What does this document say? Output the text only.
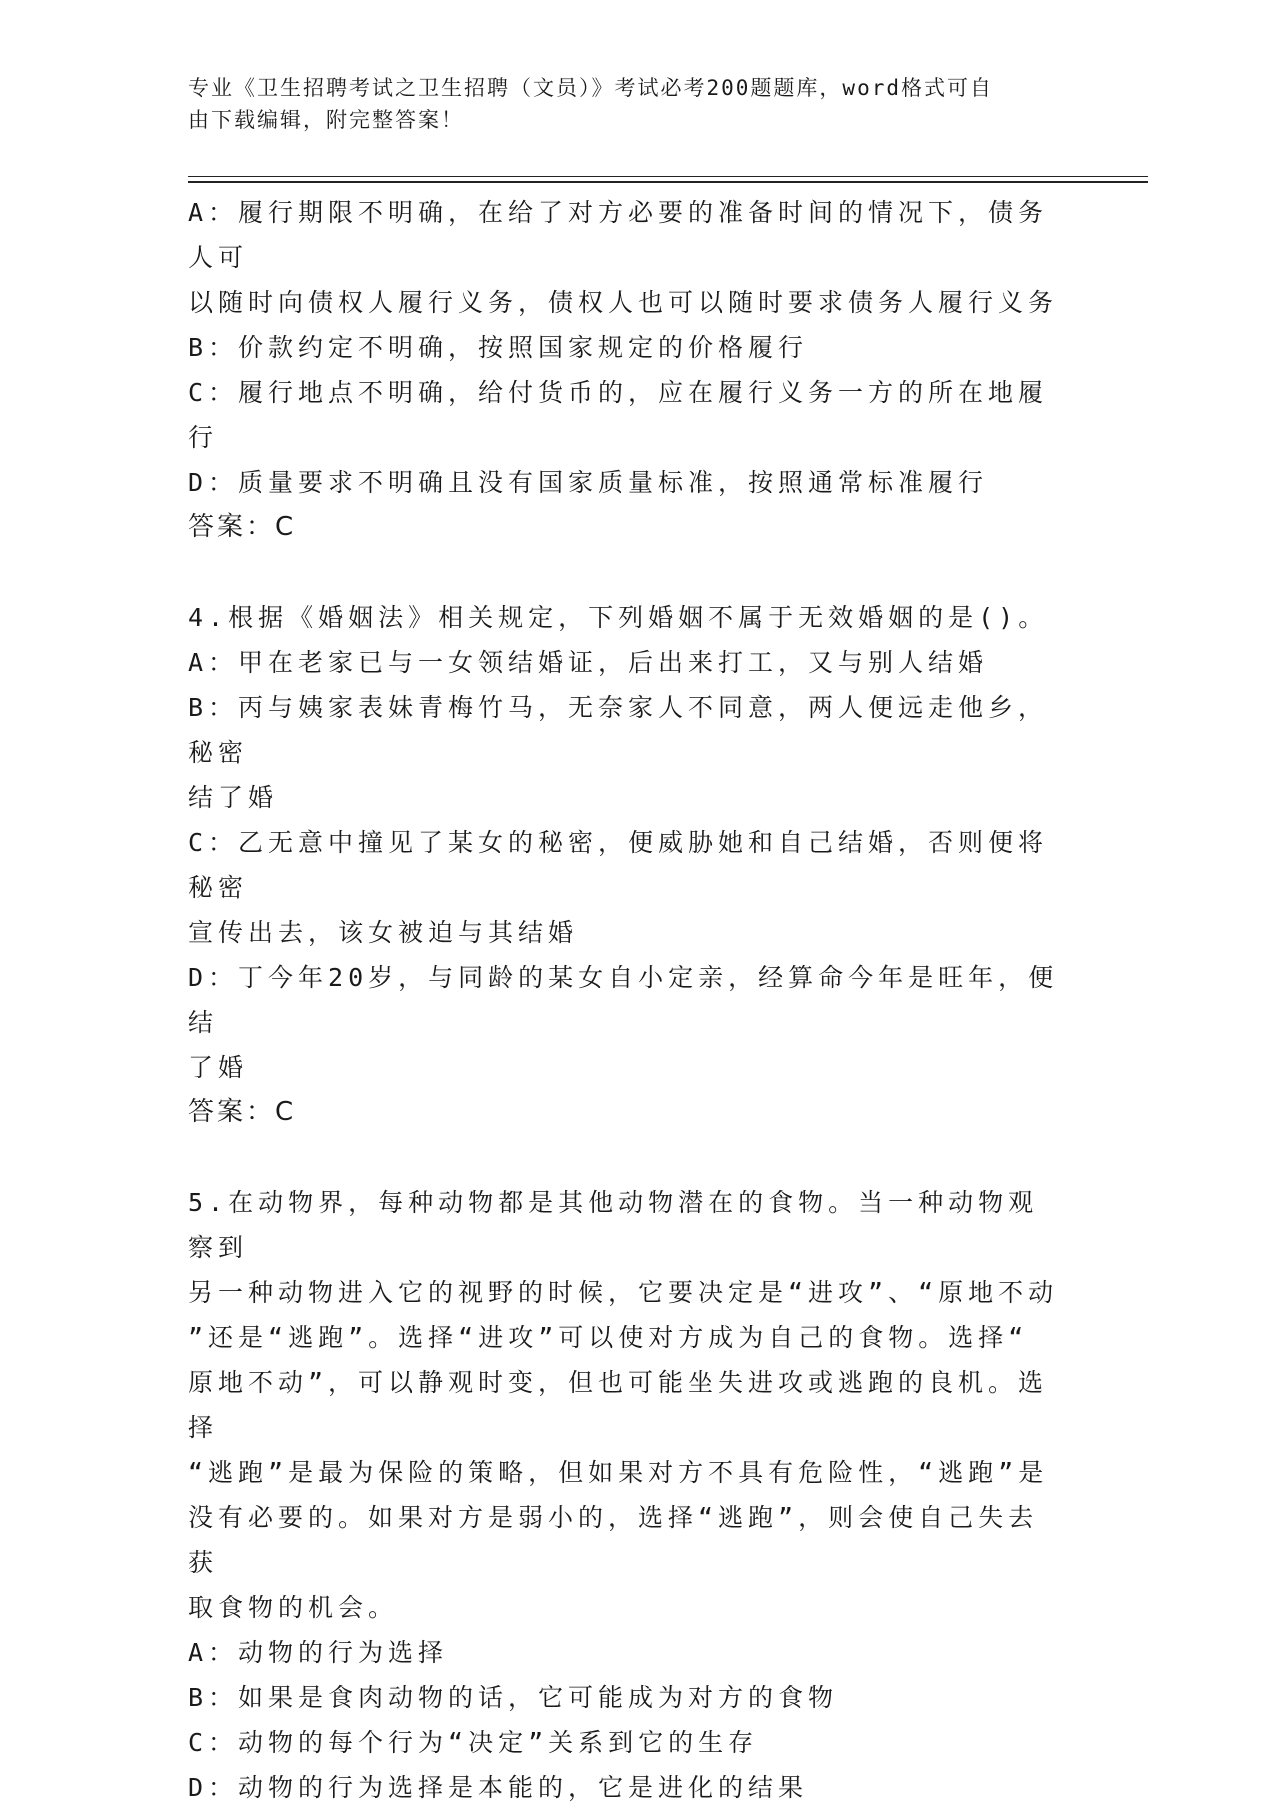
专业《卫生招聘考试之卫生招聘（文员）》考试必考200题题库，word格式可自
由下载编辑，附完整答案！

A：履行期限不明确，在给了对方必要的准备时间的情况下，债务人可

以随时向债权人履行义务，债权人也可以随时要求债务人履行义务

B：价款约定不明确，按照国家规定的价格履行

C：履行地点不明确，给付货币的，应在履行义务一方的所在地履行

D：质量要求不明确且没有国家质量标准，按照通常标准履行

答案：C

4.根据《婚姻法》相关规定，下列婚姻不属于无效婚姻的是()。

A：甲在老家已与一女领结婚证，后出来打工，又与别人结婚

B：丙与姨家表妹青梅竹马，无奈家人不同意，两人便远走他乡，秘密

结了婚

C：乙无意中撞见了某女的秘密，便威胁她和自己结婚，否则便将秘密

宣传出去，该女被迫与其结婚

D：丁今年20岁，与同龄的某女自小定亲，经算命今年是旺年，便结

了婚

答案：C

5.在动物界，每种动物都是其他动物潜在的食物。当一种动物观察到

另一种动物进入它的视野的时候，它要决定是“进攻”、“原地不动

”还是“逃跑”。选择“进攻”可以使对方成为自己的食物。选择“

原地不动”，可以静观时变，但也可能坐失进攻或逃跑的良机。选择

“逃跑”是最为保险的策略，但如果对方不具有危险性，“逃跑”是

没有必要的。如果对方是弱小的，选择“逃跑”，则会使自己失去获

取食物的机会。

A：动物的行为选择

B：如果是食肉动物的话，它可能成为对方的食物

C：动物的每个行为“决定”关系到它的生存

D：动物的行为选择是本能的，它是进化的结果
